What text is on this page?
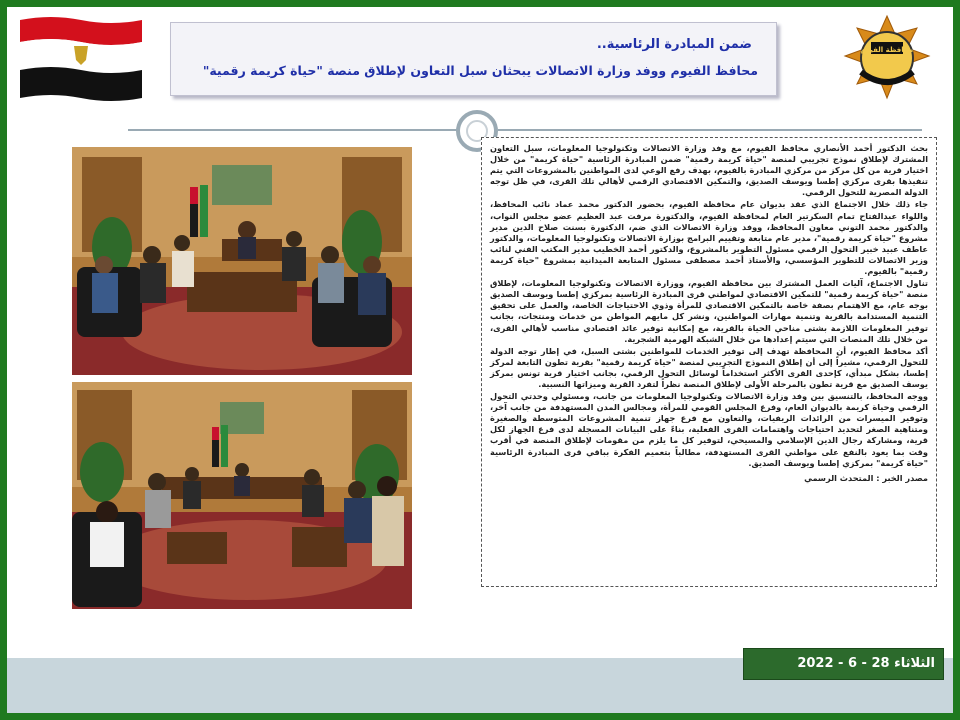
محافظة الفيوم
ضمن المبادرة الرئاسية..
محافظ الفيوم ووفد وزارة الاتصالات يبحثان سبل التعاون لإطلاق منصة "حياة كريمة رقمية"

بحث الدكتور أحمد الأنصاري محافظ الفيوم، مع وفد وزارة الاتصالات وتكنولوجيا المعلومات، سبل التعاون المشترك لإطلاق نموذج تجريبي لمنصة "حياة كريمة رقمية" ضمن المبادرة الرئاسية "حياة كريمة" من خلال اختيار قرية من كل مركز من مركزي المبادرة بالفيوم، بهدف رفع الوعي لدى المواطنين بالمشروعات التي يتم تنفيذها بقرى مركزي إطسا ويوسف الصديق، والتمكين الاقتصادي الرقمي لأهالي تلك القرى، في ظل توجه الدولة المصرية للتحول الرقمي.

جاء ذلك خلال الاجتماع الذي عقد بديوان عام محافظة الفيوم، بحضور الدكتور محمد عماد نائب المحافظ، واللواء عبدالفتاح تمام السكرتير العام لمحافظة الفيوم، والدكتورة مرفت عبد العظيم عضو مجلس النواب، والدكتور محمد التوني معاون المحافظ، ووفد وزارة الاتصالات الذي ضم، الدكتورة بسنت صلاح الدين مدير مشروع "حياة كريمة رقمية"، مدير عام متابعة وتقييم البرامج بوزارة الاتصالات وتكنولوجيا المعلومات، والدكتور عاطف عبيد خبير التحول الرقمي مسئول التطوير بالمشروع، والدكتور أحمد الخطيب مدير المكتب الفني لنائب وزير الاتصالات للتطوير المؤسسي، والأستاذ أحمد مصطفى مسئول المتابعة الميدانية بمشروع "حياة كريمة رقمية" بالفيوم.

تناول الاجتماع، آليات العمل المشترك بين محافظة الفيوم، ووزارة الاتصالات وتكنولوجيا المعلومات، لإطلاق منصة "حياة كريمة رقمية" للتمكين الاقتصادي لمواطني قرى المبادرة الرئاسية بمركزي إطسا ويوسف الصديق بوجه عام، مع الاهتمام بصفة خاصة بالتمكين الاقتصادي للمرأة وذوي الاحتياجات الخاصة، والعمل على تحقيق التنمية المستدامة بالقرية وتنمية مهارات المواطنين، ونشر كل مايهم المواطن من خدمات ومنتجات، بجانب توفير المعلومات اللازمة بشتى مناحي الحياة بالقرية، مع إمكانية توفير عائد اقتصادي مناسب لأهالي القرى، من خلال تلك المنصات التي سيتم إعدادها من خلال الشبكة الهرمية الشجرية.

أكد محافظ الفيوم، أن المحافظة تهدف إلى توفير الخدمات للمواطنين بشتى السبل، في إطار توجه الدولة للتحول الرقمي، مشيراً إلى أن إطلاق النموذج التجريبي لمنصة "حياة كريمة رقمية" بقرية تطون التابعة لمركز إطسا، بشكل مبدأي، كإحدى القرى الأكثر استخداماً لوسائل التحول الرقمي، بجانب اختيار قرية تونس بمركز يوسف الصديق مع قرية تطون بالمرحلة الأولى لإطلاق المنصة نظراً لتفرد القرية وميزاتها النسبية.

ووجه المحافظ، بالتنسيق بين وفد وزارة الاتصالات وتكنولوجيا المعلومات من جانب، ومسئولي وحدتي التحول الرقمي وحياة كريمة بالديوان العام، وفرع المجلس القومي للمرأة، ومجالس المدن المستهدفة من جانب آخر، وتوفير الميسرات من الرائدات الريفيات، والتعاون مع فرع جهاز تنمية المشروعات المتوسطة والصغيرة ومتناهية الصغر لتحديد احتياجات واهتمامات القرى الفعلية، بناءً على البيانات المسجلة لدى فرع الجهاز لكل قرية، ومشاركة رجال الدين الإسلامي والمسيحي، لتوفير كل ما يلزم من مقومات لإطلاق المنصة في أقرب وقت بما يعود بالنفع على مواطني القرى المستهدفة، مطالباً بتعميم الفكرة بباقي قرى المبادرة الرئاسية "حياة كريمة" بمركزي إطسا ويوسف الصديق.

مصدر الخبر : المتحدث الرسمي

الثلاثاء 28 - 6 - 2022
